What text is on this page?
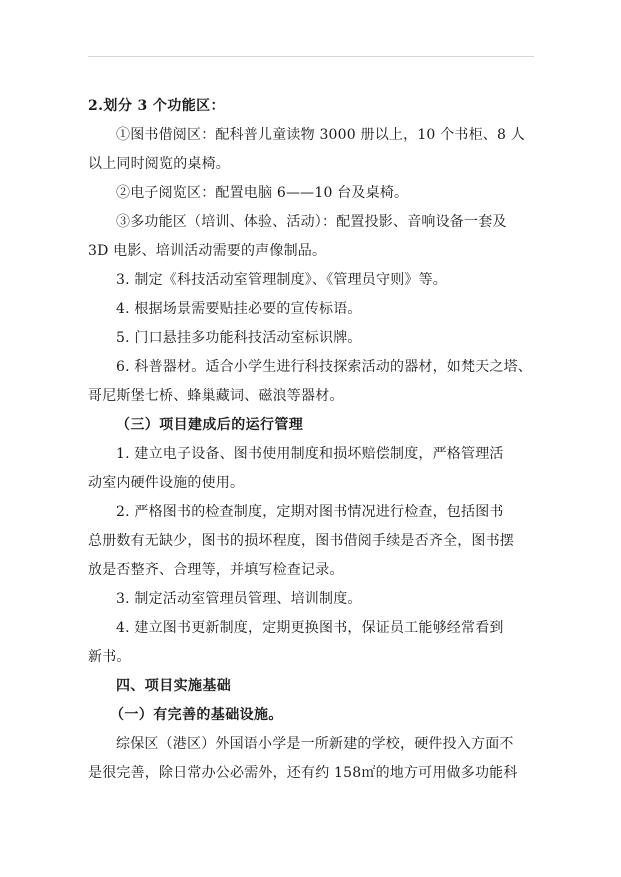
2.划分 3 个功能区：

①图书借阅区：配科普儿童读物 3000 册以上，10 个书柜、8 人

以上同时阅览的桌椅。

②电子阅览区：配置电脑 6——10 台及桌椅。

③多功能区（培训、体验、活动）：配置投影、音响设备一套及

3D 电影、培训活动需要的声像制品。

3. 制定《科技活动室管理制度》、《管理员守则》等。

4. 根据场景需要贴挂必要的宣传标语。

5. 门口悬挂多功能科技活动室标识牌。

6. 科普器材。适合小学生进行科技探索活动的器材，如梵天之塔、

哥尼斯堡七桥、蜂巢藏词、磁浪等器材。

（三）项目建成后的运行管理

1. 建立电子设备、图书使用制度和损坏赔偿制度，严格管理活

动室内硬件设施的使用。

2. 严格图书的检查制度，定期对图书情况进行检查，包括图书

总册数有无缺少，图书的损坏程度，图书借阅手续是否齐全，图书摆

放是否整齐、合理等，并填写检查记录。

3. 制定活动室管理员管理、培训制度。

4. 建立图书更新制度，定期更换图书，保证员工能够经常看到

新书。

四、项目实施基础

（一）有完善的基础设施。

综保区（港区）外国语小学是一所新建的学校，硬件投入方面不

是很完善，除日常办公必需外，还有约 158㎡的地方可用做多功能科
